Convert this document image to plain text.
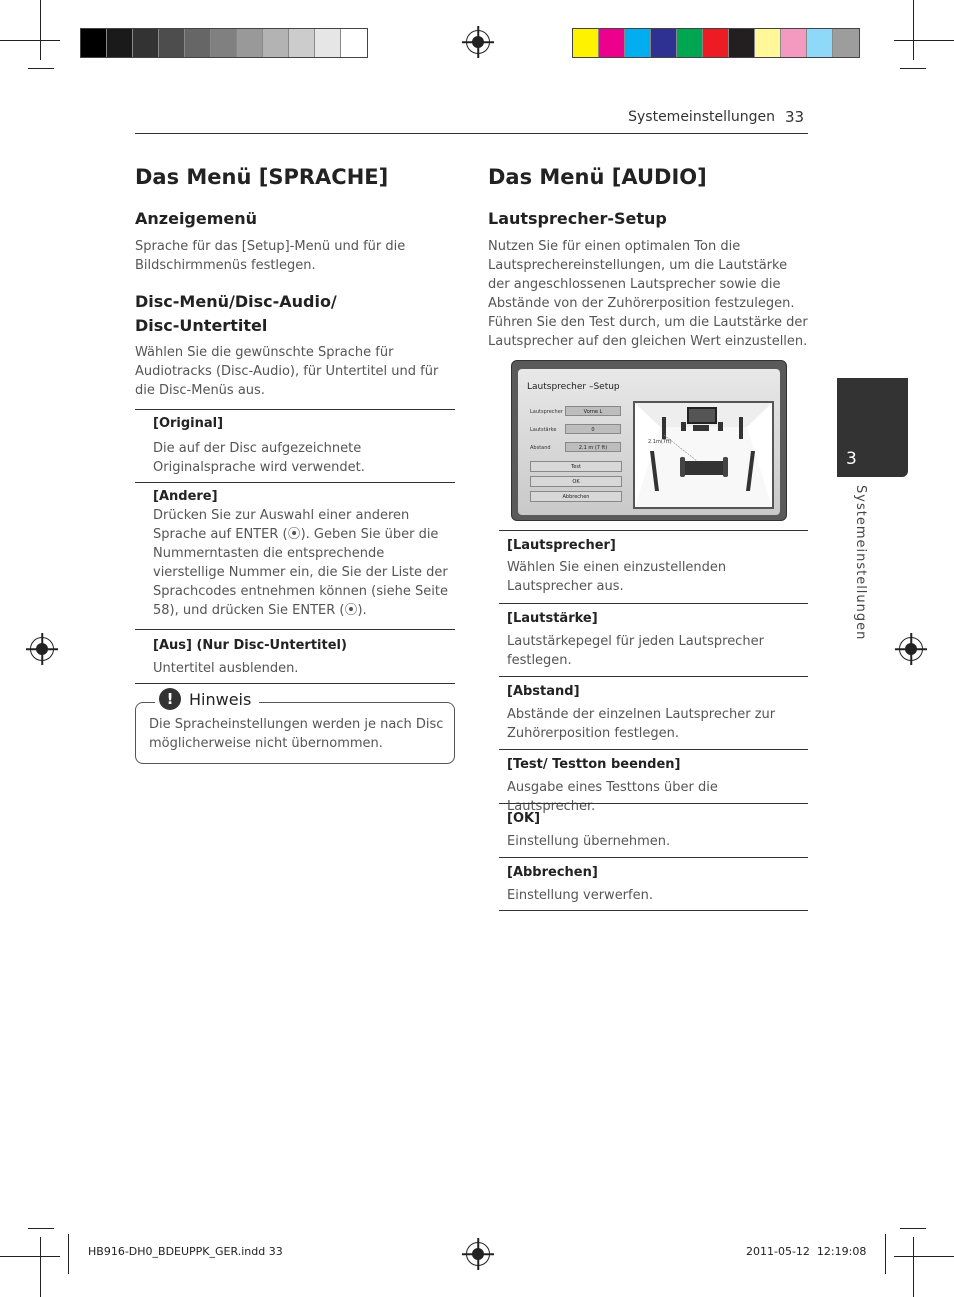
Systemeinstellungen 33
Das Menü [SPRACHE]
Anzeigemenü
Sprache für das [Setup]-Menü und für die Bildschirmmenüs festlegen.
Disc-Menü/Disc-Audio/
Disc-Untertitel
Wählen Sie die gewünschte Sprache für Audiotracks (Disc-Audio), für Untertitel und für die Disc-Menüs aus.
[Original]
Die auf der Disc aufgezeichnete Originalsprache wird verwendet.
[Andere]
Drücken Sie zur Auswahl einer anderen Sprache auf ENTER (⦿). Geben Sie über die Nummerntasten die entsprechende vierstellige Nummer ein, die Sie der Liste der Sprachcodes entnehmen können (siehe Seite 58), und drücken Sie ENTER (⦿).
[Aus] (Nur Disc-Untertitel)
Untertitel ausblenden.
Die Spracheinstellungen werden je nach Disc möglicherweise nicht übernommen.
! Hinweis
Das Menü [AUDIO]
Lautsprecher-Setup
Nutzen Sie für einen optimalen Ton die Lautsprechereinstellungen, um die Lautstärke der angeschlossenen Lautsprecher sowie die Abstände von der Zuhörerposition festzulegen. Führen Sie den Test durch, um die Lautstärke der Lautsprecher auf den gleichen Wert einzustellen.
Lautsprecher –Setup
Lautsprecher	Vorne L
Lautstärke	0
Abstand	2.1 m (7 ft)
Test
OK
Abbrechen
2.1m(7ft)
[Lautsprecher]
Wählen Sie einen einzustellenden Lautsprecher aus.
[Lautstärke]
Lautstärkepegel für jeden Lautsprecher festlegen.
[Abstand]
Abstände der einzelnen Lautsprecher zur Zuhörerposition festlegen.
[Test/ Testton beenden]
Ausgabe eines Testtons über die Lautsprecher.
[OK]
Einstellung übernehmen.
[Abbrechen]
Einstellung verwerfen.
3
Systemeinstellungen
HB916-DH0_BDEUPPK_GER.indd 33	2011-05-12 ￼ 12:19:08
